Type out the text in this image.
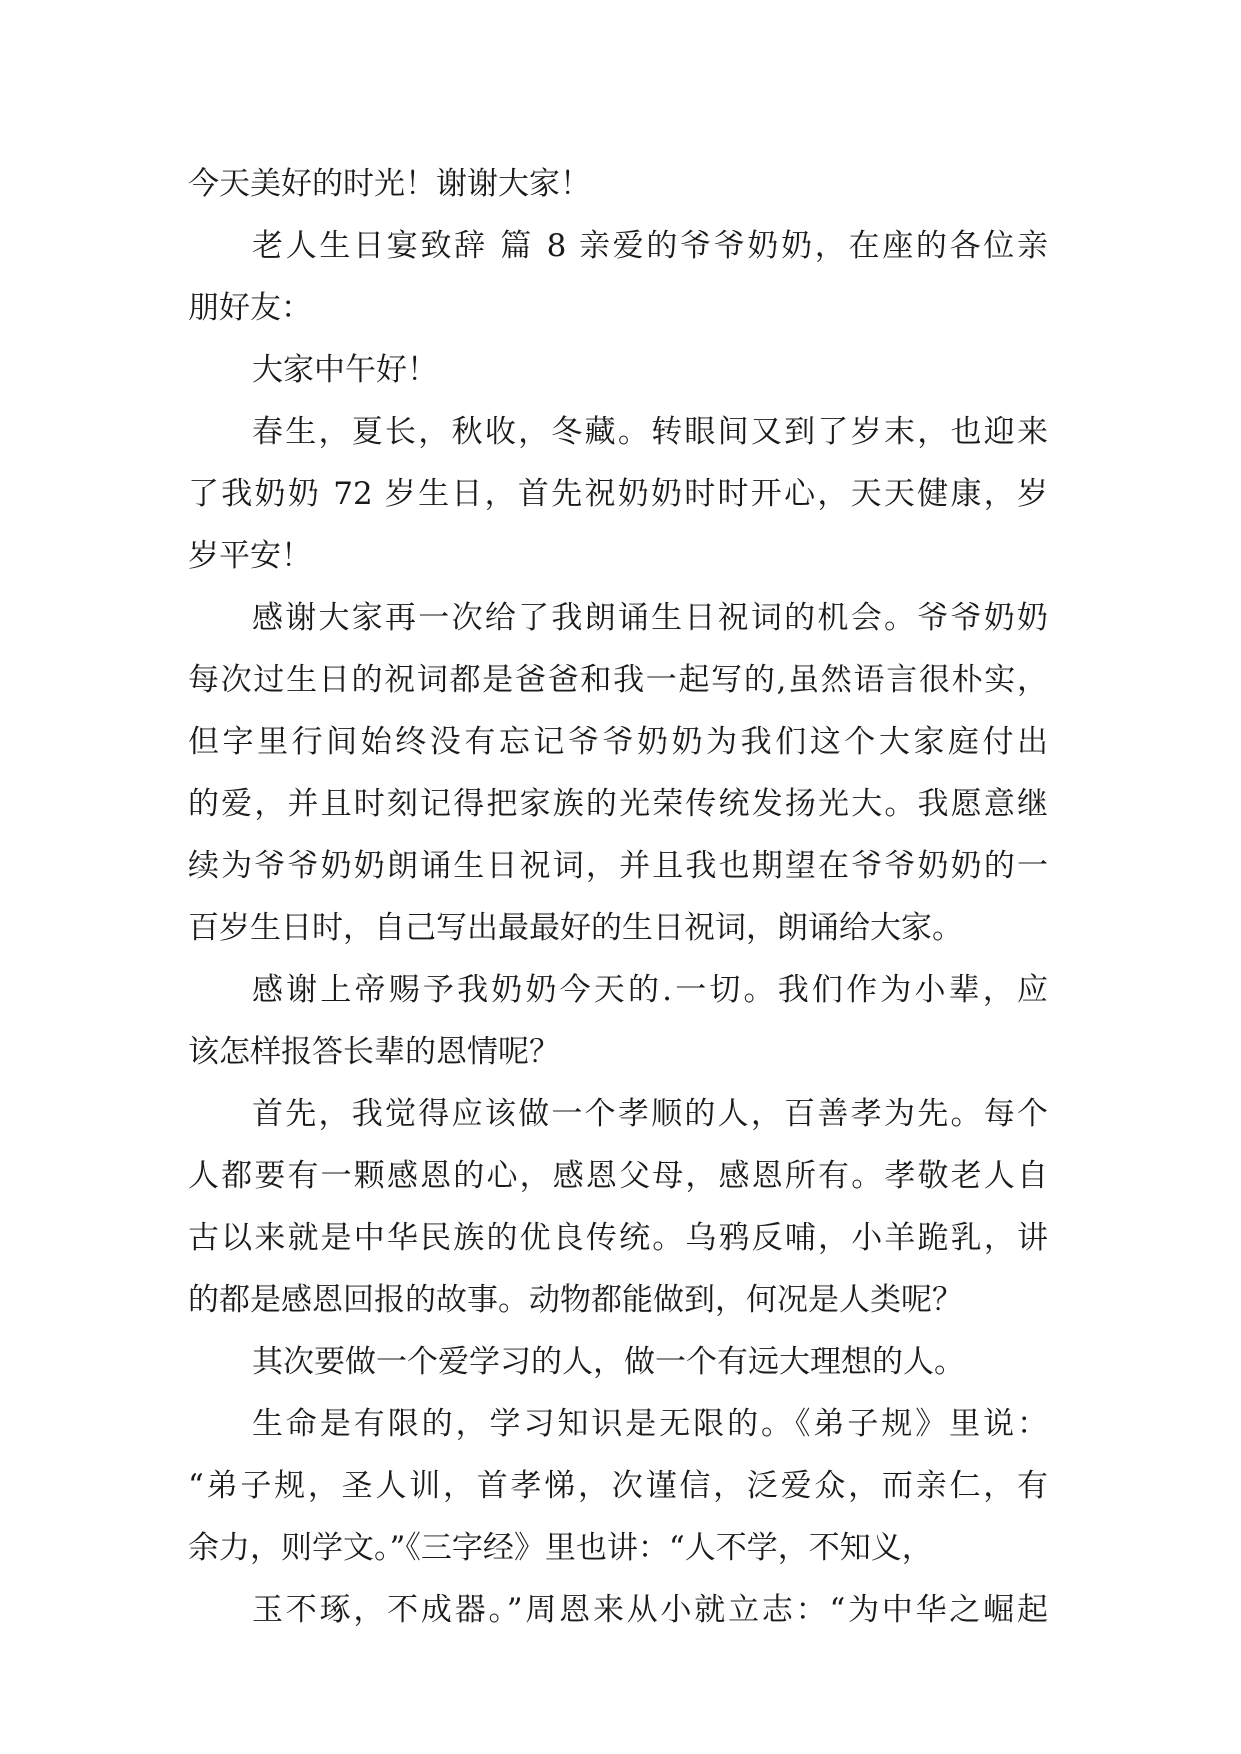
今天美好的时光！谢谢大家！
老人生日宴致辞 篇 8 亲爱的爷爷奶奶，在座的各位亲
朋好友：
大家中午好！
春生，夏长，秋收，冬藏。转眼间又到了岁末，也迎来
了我奶奶 72 岁生日，首先祝奶奶时时开心，天天健康，岁
岁平安！
感谢大家再一次给了我朗诵生日祝词的机会。爷爷奶奶
每次过生日的祝词都是爸爸和我一起写的,虽然语言很朴实，
但字里行间始终没有忘记爷爷奶奶为我们这个大家庭付出
的爱，并且时刻记得把家族的光荣传统发扬光大。我愿意继
续为爷爷奶奶朗诵生日祝词，并且我也期望在爷爷奶奶的一
百岁生日时，自己写出最最好的生日祝词，朗诵给大家。
感谢上帝赐予我奶奶今天的.一切。我们作为小辈，应
该怎样报答长辈的恩情呢？
首先，我觉得应该做一个孝顺的人，百善孝为先。每个
人都要有一颗感恩的心，感恩父母，感恩所有。孝敬老人自
古以来就是中华民族的优良传统。乌鸦反哺，小羊跪乳，讲
的都是感恩回报的故事。动物都能做到，何况是人类呢？
其次要做一个爱学习的人，做一个有远大理想的人。
生命是有限的，学习知识是无限的。《弟子规》里说：
“弟子规，圣人训，首孝悌，次谨信，泛爱众，而亲仁，有
余力，则学文。”《三字经》里也讲：“人不学，不知义，
玉不琢，不成器。”周恩来从小就立志：“为中华之崛起
